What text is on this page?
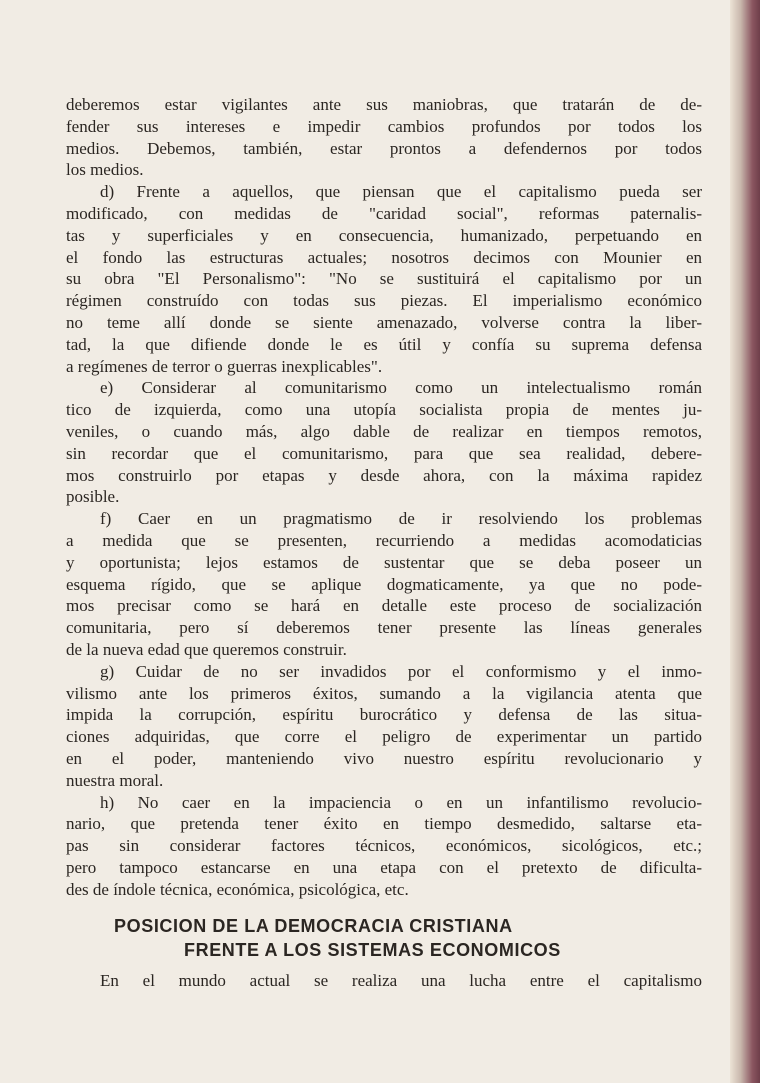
deberemos estar vigilantes ante sus maniobras, que tratarán de de-

fender sus intereses e impedir cambios profundos por todos los

medios. Debemos, también, estar prontos a defendernos por todos

los medios.

d) Frente a aquellos, que piensan que el capitalismo pueda ser

modificado, con medidas de "caridad social", reformas paternalis-

tas y superficiales y en consecuencia, humanizado, perpetuando en

el fondo las estructuras actuales; nosotros decimos con Mounier en

su obra "El Personalismo": "No se sustituirá el capitalismo por un

régimen construído con todas sus piezas. El imperialismo económico

no teme allí donde se siente amenazado, volverse contra la liber-

tad, la que difiende donde le es útil y confía su suprema defensa

a regímenes de terror o guerras inexplicables".

e) Considerar al comunitarismo como un intelectualismo román

tico de izquierda, como una utopía socialista propia de mentes ju-

veniles, o cuando más, algo dable de realizar en tiempos remotos,

sin recordar que el comunitarismo, para que sea realidad, debere-

mos construirlo por etapas y desde ahora, con la máxima rapidez

posible.

f) Caer en un pragmatismo de ir resolviendo los problemas

a medida que se presenten, recurriendo a medidas acomodaticias

y oportunista; lejos estamos de sustentar que se deba poseer un

esquema rígido, que se aplique dogmaticamente, ya que no pode-

mos precisar como se hará en detalle este proceso de socialización

comunitaria, pero sí deberemos tener presente las líneas generales

de la nueva edad que queremos construir.

g) Cuidar de no ser invadidos por el conformismo y el inmo-

vilismo ante los primeros éxitos, sumando a la vigilancia atenta que

impida la corrupción, espíritu burocrático y defensa de las situa-

ciones adquiridas, que corre el peligro de experimentar un partido

en el poder, manteniendo vivo nuestro espíritu revolucionario y

nuestra moral.

h) No caer en la impaciencia o en un infantilismo revolucio-

nario, que pretenda tener éxito en tiempo desmedido, saltarse eta-

pas sin considerar factores técnicos, económicos, sicológicos, etc.;

pero tampoco estancarse en una etapa con el pretexto de dificulta-

des de índole técnica, económica, psicológica, etc.

POSICION DE LA DEMOCRACIA CRISTIANA
FRENTE A LOS SISTEMAS ECONOMICOS

En el mundo actual se realiza una lucha entre el capitalismo
